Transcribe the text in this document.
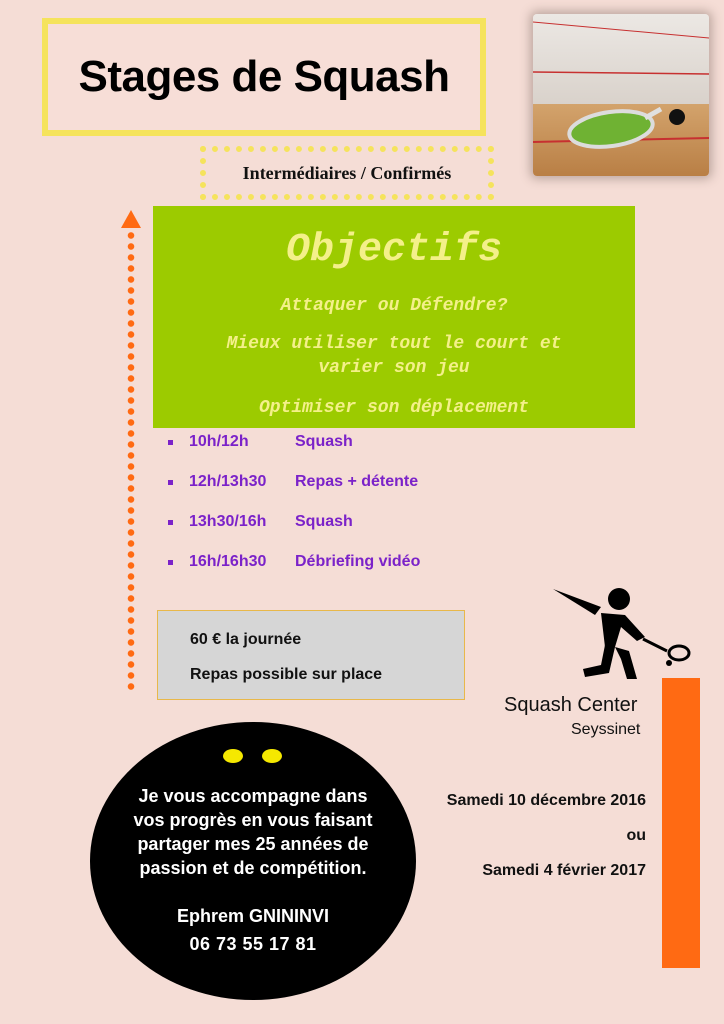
Stages de Squash
Intermédiaires / Confirmés
Objectifs
Attaquer ou Défendre?
Mieux utiliser tout le court et
varier son jeu
Optimiser son déplacement
10h/12h	Squash
12h/13h30	Repas + détente
13h30/16h	Squash
16h/16h30	Débriefing vidéo
60 € la journée
Repas possible sur place
Squash Center
Seyssinet
Je vous accompagne dans
vos progrès en vous faisant
partager mes 25 années de
passion et de compétition.
Ephrem GNININVI
06 73 55 17 81
Samedi 10 décembre 2016
ou
Samedi 4 février 2017
